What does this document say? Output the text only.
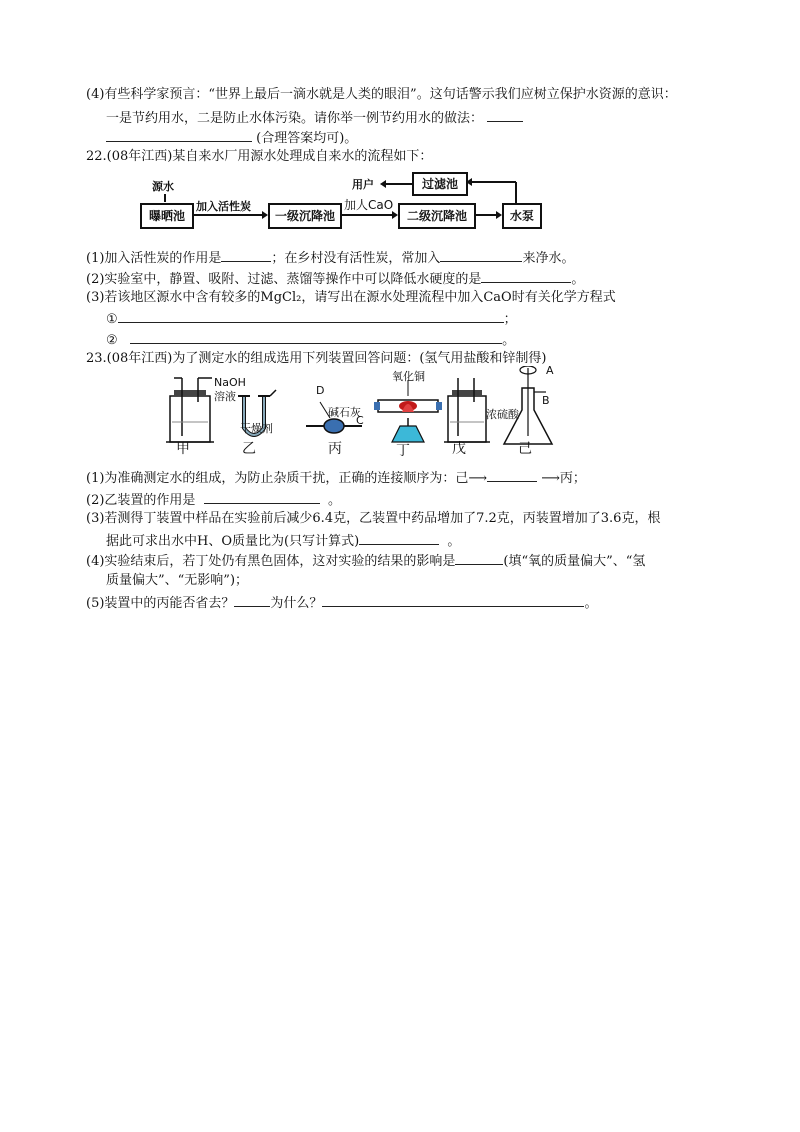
(4)有些科学家预言：“世界上最后一滴水就是人类的眼泪”。这句话警示我们应树立保护水资源的意识：
一是节约用水，二是防止水体污染。请你举一例节约用水的做法：
(合理答案均可)。
22.(08年江西)某自来水厂用源水处理成自来水的流程如下：
源水
曝晒池
加入活性炭
一级沉降池
加人CaO
二级沉降池	水泵
过滤池
用户
(1)加入活性炭的作用是	；在乡村没有活性炭，常加入	来净水。
(2)实验室中，静置、吸附、过滤、蒸馏等操作中可以降低水硬度的是	。
(3)若该地区源水中含有较多的MgCl₂，请写出在源水处理流程中加入CaO时有关化学方程式
①	；
②	。
23.(08年江西)为了测定水的组成选用下列装置回答问题：(氢气用盐酸和锌制得)
NaOH
溶液
干燥剂
D
碱石灰
C
氧化铜
浓硫酸
A
B
甲	乙	丙	丁	戊	己
(1)为准确测定水的组成，为防止杂质干扰，正确的连接顺序为：己⟶	⟶丙；
(2)乙装置的作用是	。
(3)若测得丁装置中样品在实验前后减少6.4克，乙装置中药品增加了7.2克，丙装置增加了3.6克，根
据此可求出水中H、O质量比为(只写计算式)	。
(4)实验结束后，若丁处仍有黑色固体，这对实验的结果的影响是	(填“氧的质量偏大”、“氢
质量偏大”、“无影响”)；
(5)装置中的丙能否省去？	为什么？	。
